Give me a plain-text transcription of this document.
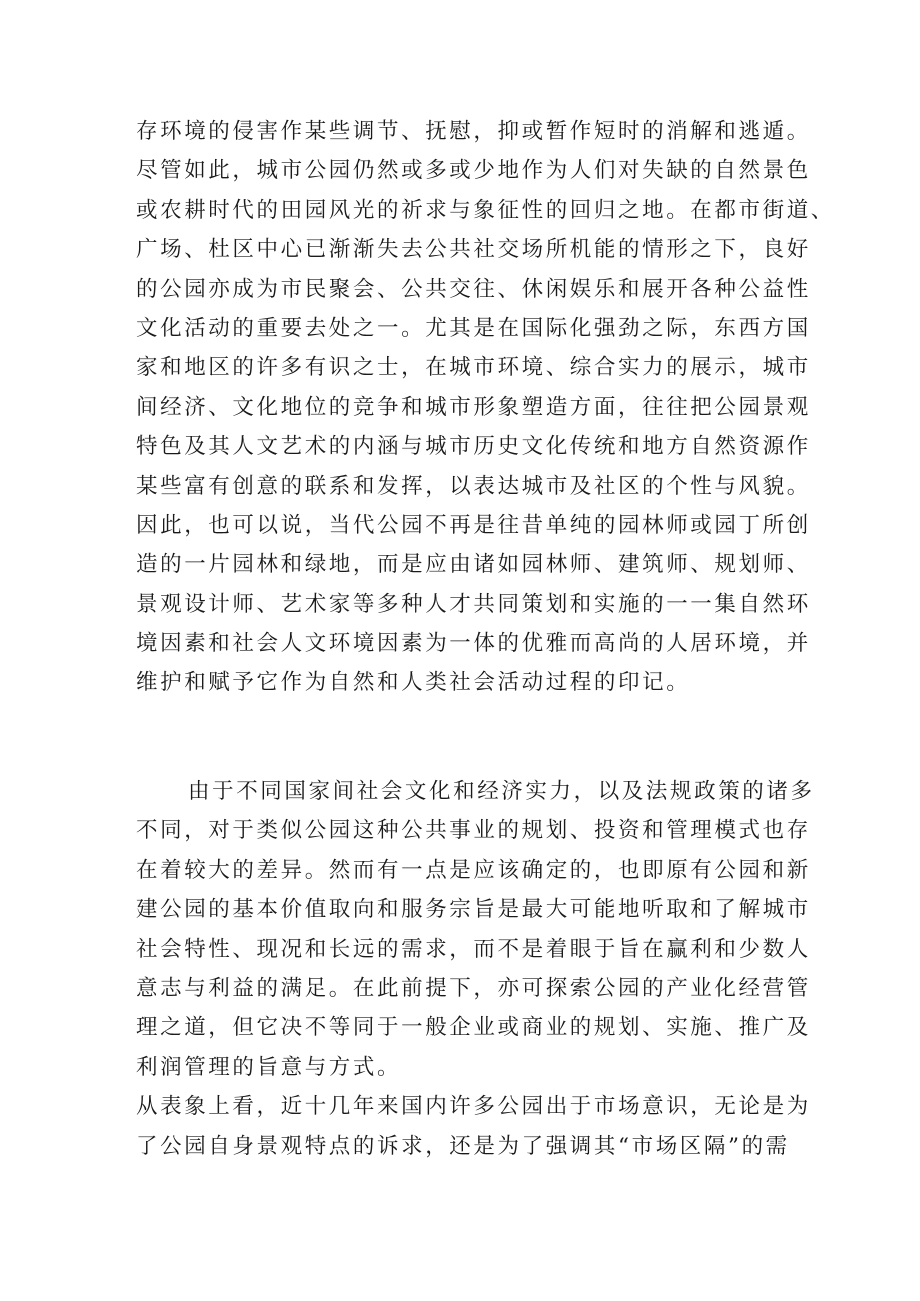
存环境的侵害作某些调节、抚慰，抑或暂作短时的消解和逃遁。
尽管如此，城市公园仍然或多或少地作为人们对失缺的自然景色
或农耕时代的田园风光的祈求与象征性的回归之地。在都市街道、
广场、杜区中心已渐渐失去公共社交场所机能的情形之下，良好
的公园亦成为市民聚会、公共交往、休闲娱乐和展开各种公益性
文化活动的重要去处之一。尤其是在国际化强劲之际，东西方国
家和地区的许多有识之士，在城市环境、综合实力的展示，城市
间经济、文化地位的竞争和城市形象塑造方面，往往把公园景观
特色及其人文艺术的内涵与城市历史文化传统和地方自然资源作
某些富有创意的联系和发挥，以表达城市及社区的个性与风貌。
因此，也可以说，当代公园不再是往昔单纯的园林师或园丁所创
造的一片园林和绿地，而是应由诸如园林师、建筑师、规划师、
景观设计师、艺术家等多种人才共同策划和实施的一一集自然环
境因素和社会人文环境因素为一体的优雅而高尚的人居环境，并
维护和赋予它作为自然和人类社会活动过程的印记。
由于不同国家间社会文化和经济实力，以及法规政策的诸多
不同，对于类似公园这种公共事业的规划、投资和管理模式也存
在着较大的差异。然而有一点是应该确定的，也即原有公园和新
建公园的基本价值取向和服务宗旨是最大可能地听取和了解城市
社会特性、现况和长远的需求，而不是着眼于旨在赢利和少数人
意志与利益的满足。在此前提下，亦可探索公园的产业化经营管
理之道，但它决不等同于一般企业或商业的规划、实施、推广及
利润管理的旨意与方式。
从表象上看，近十几年来国内许多公园出于市场意识，无论是为
了公园自身景观特点的诉求，还是为了强调其“市场区隔”的需
